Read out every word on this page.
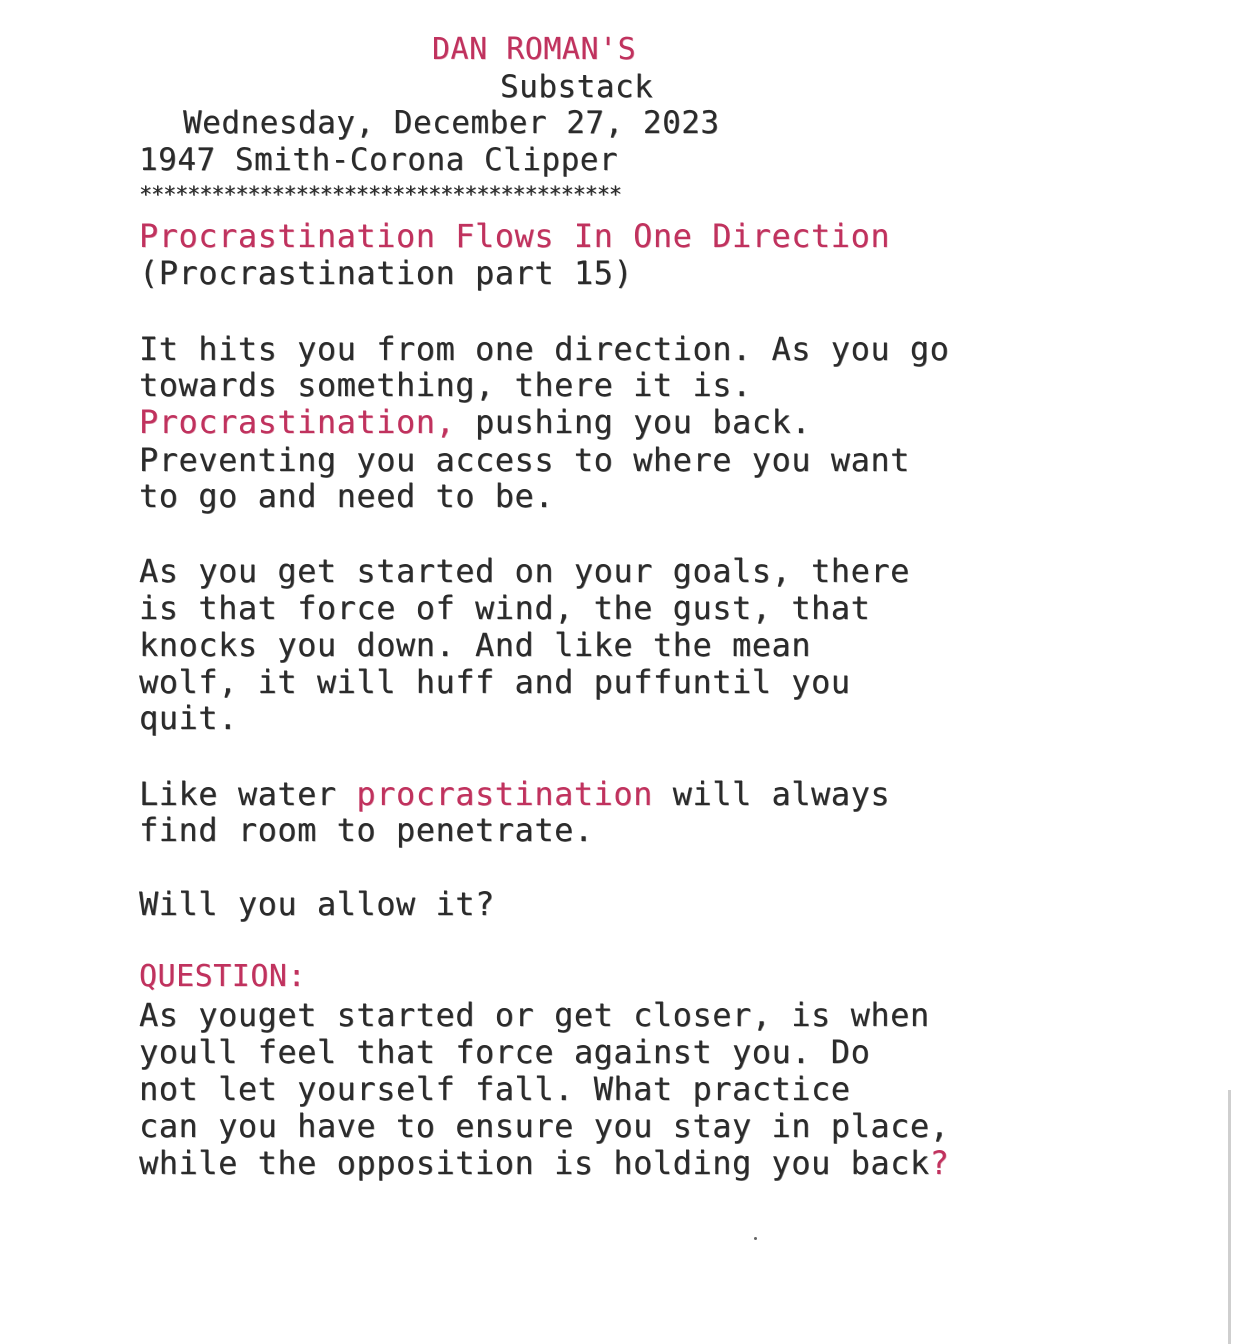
DAN ROMAN'S
Substack
Wednesday, December 27, 2023
1947 Smith-Corona Clipper
****************************************
Procrastination Flows In One Direction
(Procrastination part 15)
It hits you from one direction. As you go
towards something, there it is.
Procrastination, pushing you back.
Preventing you access to where you want
to go and need to be.
As you get started on your goals, there
is that force of wind, the gust, that
knocks you down. And like the mean
wolf, it will huff and puffuntil you
quit.
Like water procrastination will always
find room to penetrate.
Will you allow it?
QUESTION:
As youget started or get closer, is when
youll feel that force against you. Do
not let yourself fall. What practice
can you have to ensure you stay in place,
while the opposition is holding you back?
